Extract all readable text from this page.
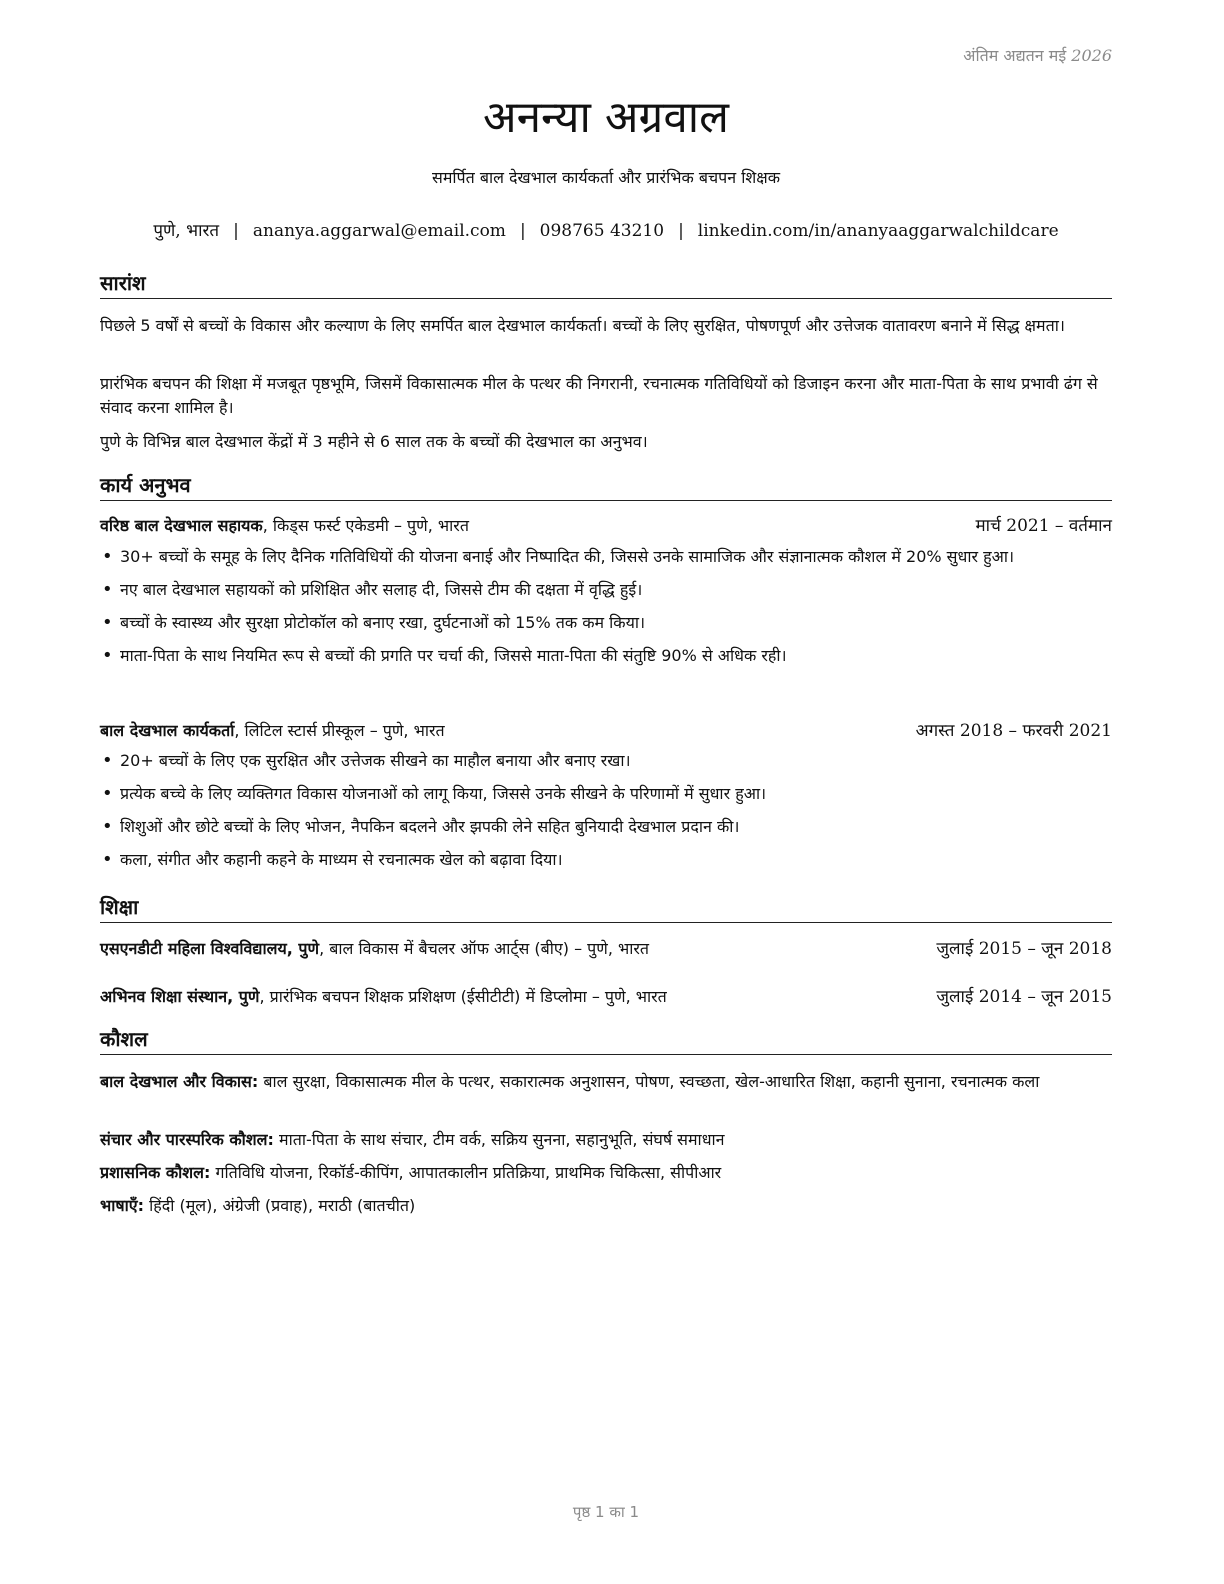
अंतिम अद्यतन मई 2026
अनन्या अग्रवाल
समर्पित बाल देखभाल कार्यकर्ता और प्रारंभिक बचपन शिक्षक
पुणे, भारत | ananya.aggarwal@email.com | 098765 43210 | linkedin.com/in/ananyaaggarwalchildcare
सारांश
पिछले 5 वर्षों से बच्चों के विकास और कल्याण के लिए समर्पित बाल देखभाल कार्यकर्ता। बच्चों के लिए सुरक्षित, पोषणपूर्ण और उत्तेजक वातावरण बनाने में सिद्ध क्षमता।
प्रारंभिक बचपन की शिक्षा में मजबूत पृष्ठभूमि, जिसमें विकासात्मक मील के पत्थर की निगरानी, रचनात्मक गतिविधियों को डिजाइन करना और माता-पिता के साथ प्रभावी ढंग से संवाद करना शामिल है।
पुणे के विभिन्न बाल देखभाल केंद्रों में 3 महीने से 6 साल तक के बच्चों की देखभाल का अनुभव।
कार्य अनुभव
वरिष्ठ बाल देखभाल सहायक, किड्स फर्स्ट एकेडमी – पुणे, भारत	मार्च 2021 – वर्तमान
• 30+ बच्चों के समूह के लिए दैनिक गतिविधियों की योजना बनाई और निष्पादित की, जिससे उनके सामाजिक और संज्ञानात्मक कौशल में 20% सुधार हुआ।
• नए बाल देखभाल सहायकों को प्रशिक्षित और सलाह दी, जिससे टीम की दक्षता में वृद्धि हुई।
• बच्चों के स्वास्थ्य और सुरक्षा प्रोटोकॉल को बनाए रखा, दुर्घटनाओं को 15% तक कम किया।
• माता-पिता के साथ नियमित रूप से बच्चों की प्रगति पर चर्चा की, जिससे माता-पिता की संतुष्टि 90% से अधिक रही।
बाल देखभाल कार्यकर्ता, लिटिल स्टार्स प्रीस्कूल – पुणे, भारत	अगस्त 2018 – फरवरी 2021
• 20+ बच्चों के लिए एक सुरक्षित और उत्तेजक सीखने का माहौल बनाया और बनाए रखा।
• प्रत्येक बच्चे के लिए व्यक्तिगत विकास योजनाओं को लागू किया, जिससे उनके सीखने के परिणामों में सुधार हुआ।
• शिशुओं और छोटे बच्चों के लिए भोजन, नैपकिन बदलने और झपकी लेने सहित बुनियादी देखभाल प्रदान की।
• कला, संगीत और कहानी कहने के माध्यम से रचनात्मक खेल को बढ़ावा दिया।
शिक्षा
एसएनडीटी महिला विश्वविद्यालय, पुणे, बाल विकास में बैचलर ऑफ आर्ट्स (बीए) – पुणे, भारत	जुलाई 2015 – जून 2018
अभिनव शिक्षा संस्थान, पुणे, प्रारंभिक बचपन शिक्षक प्रशिक्षण (ईसीटीटी) में डिप्लोमा – पुणे, भारत	जुलाई 2014 – जून 2015
कौशल
बाल देखभाल और विकास: बाल सुरक्षा, विकासात्मक मील के पत्थर, सकारात्मक अनुशासन, पोषण, स्वच्छता, खेल-आधारित शिक्षा, कहानी सुनाना, रचनात्मक कला
संचार और पारस्परिक कौशल: माता-पिता के साथ संचार, टीम वर्क, सक्रिय सुनना, सहानुभूति, संघर्ष समाधान
प्रशासनिक कौशल: गतिविधि योजना, रिकॉर्ड-कीपिंग, आपातकालीन प्रतिक्रिया, प्राथमिक चिकित्सा, सीपीआर
भाषाएँ: हिंदी (मूल), अंग्रेजी (प्रवाह), मराठी (बातचीत)
पृष्ठ 1 का 1
